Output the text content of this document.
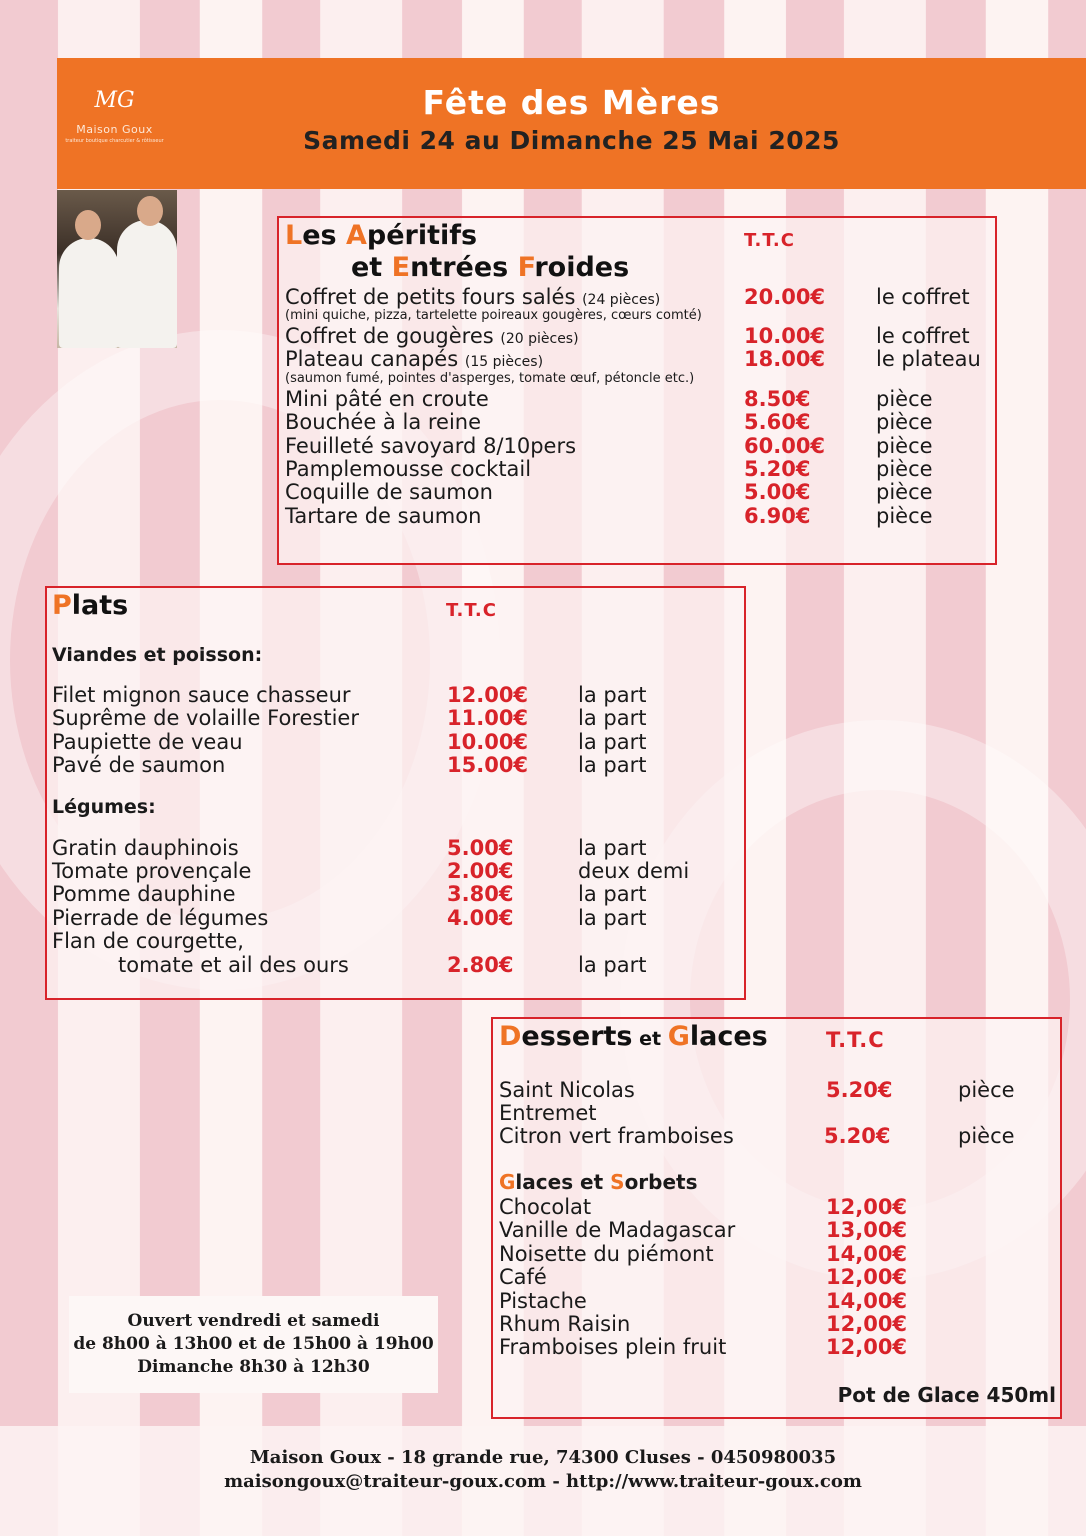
MG
Maison Goux
traiteur boutique charcutier & rôtisseur
Fête des Mères
Samedi 24 au Dimanche 25 Mai 2025
Les Apéritifs
et Entrées Froides
T.T.C
Coffret de petits fours salés (24 pièces)	20.00€ le coffret
(mini quiche, pizza, tartelette poireaux gougères, cœurs comté)
Coffret de gougères (20 pièces)	10.00€ le coffret
Plateau canapés (15 pièces)	18.00€ le plateau
(saumon fumé, pointes d'asperges, tomate œuf, pétoncle etc.)
Mini pâté en croute	8.50€	pièce
Bouchée à la reine	5.60€	pièce
Feuilleté savoyard 8/10pers	60.00€ pièce
Pamplemousse cocktail	5.20€	pièce
Coquille de saumon	5.00€	pièce
Tartare de saumon	6.90€	pièce
Plats	T.T.C
Viandes et poisson:
Filet mignon sauce chasseur	12.00€ la part
Suprême de volaille Forestier	11.00€ la part
Paupiette de veau	10.00€ la part
Pavé de saumon	15.00€ la part
Légumes:
Gratin dauphinois	5.00€	la part
Tomate provençale	2.00€	deux demi
Pomme dauphine	3.80€	la part
Pierrade de légumes	4.00€	la part
Flan de courgette,
tomate et ail des ours	2.80€	la part
Desserts et Glaces	T.T.C
Saint Nicolas	5.20€	pièce
Entremet
Citron vert framboises	5.20€	pièce
Glaces et Sorbets
Chocolat	12,00€
Vanille de Madagascar	13,00€
Noisette du piémont	14,00€
Café	12,00€
Pistache	14,00€
Rhum Raisin	12,00€
Framboises plein fruit	12,00€
Pot de Glace 450ml
Ouvert vendredi et samedi
de 8h00 à 13h00 et de 15h00 à 19h00
Dimanche 8h30 à 12h30
Maison Goux - 18 grande rue, 74300 Cluses - 0450980035
maisongoux@traiteur-goux.com - http://www.traiteur-goux.com
